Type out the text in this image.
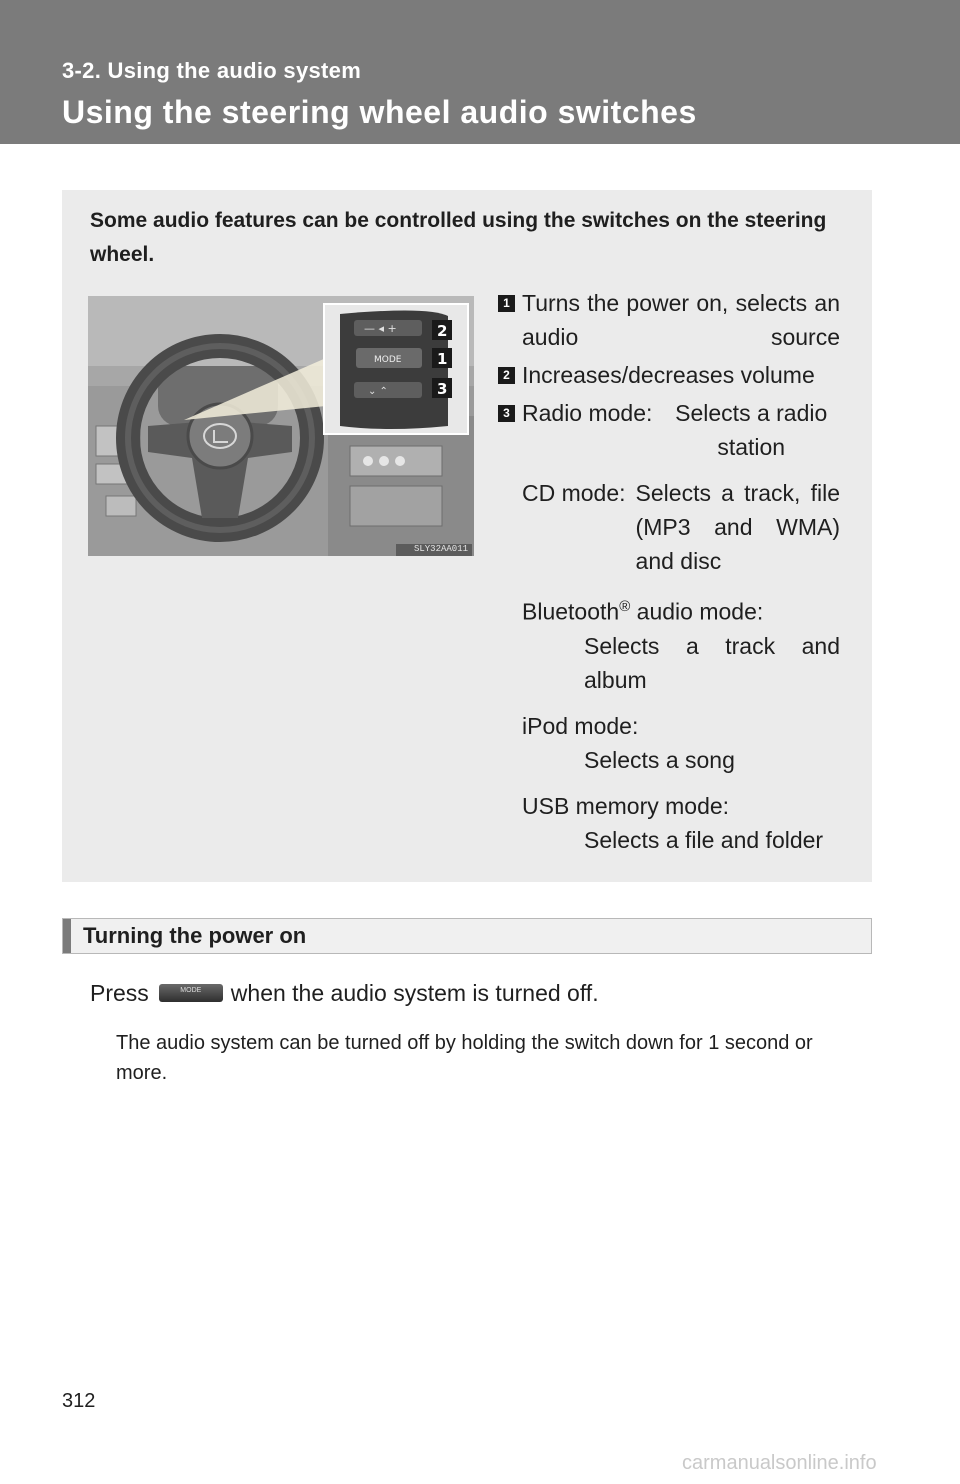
3-2. Using the audio system
Using the steering wheel audio switches
Some audio features can be controlled using the switches on the steering wheel.
— ◂ +
MODE
⌄ ⌃
2
1
3
SLY32AA011
1 Turns the power on, selects an audio source
2 Increases/decreases volume
3 Radio mode: Selects a radio station
CD mode: Selects a track, file (MP3 and WMA) and disc
Bluetooth® audio mode:
Selects a track and album
iPod mode:
Selects a song
USB memory mode:
Selects a file and folder
Turning the power on
Press	MODE	when the audio system is turned off.
The audio system can be turned off by holding the switch down for 1 second or more.
312
carmanualsonline.info
